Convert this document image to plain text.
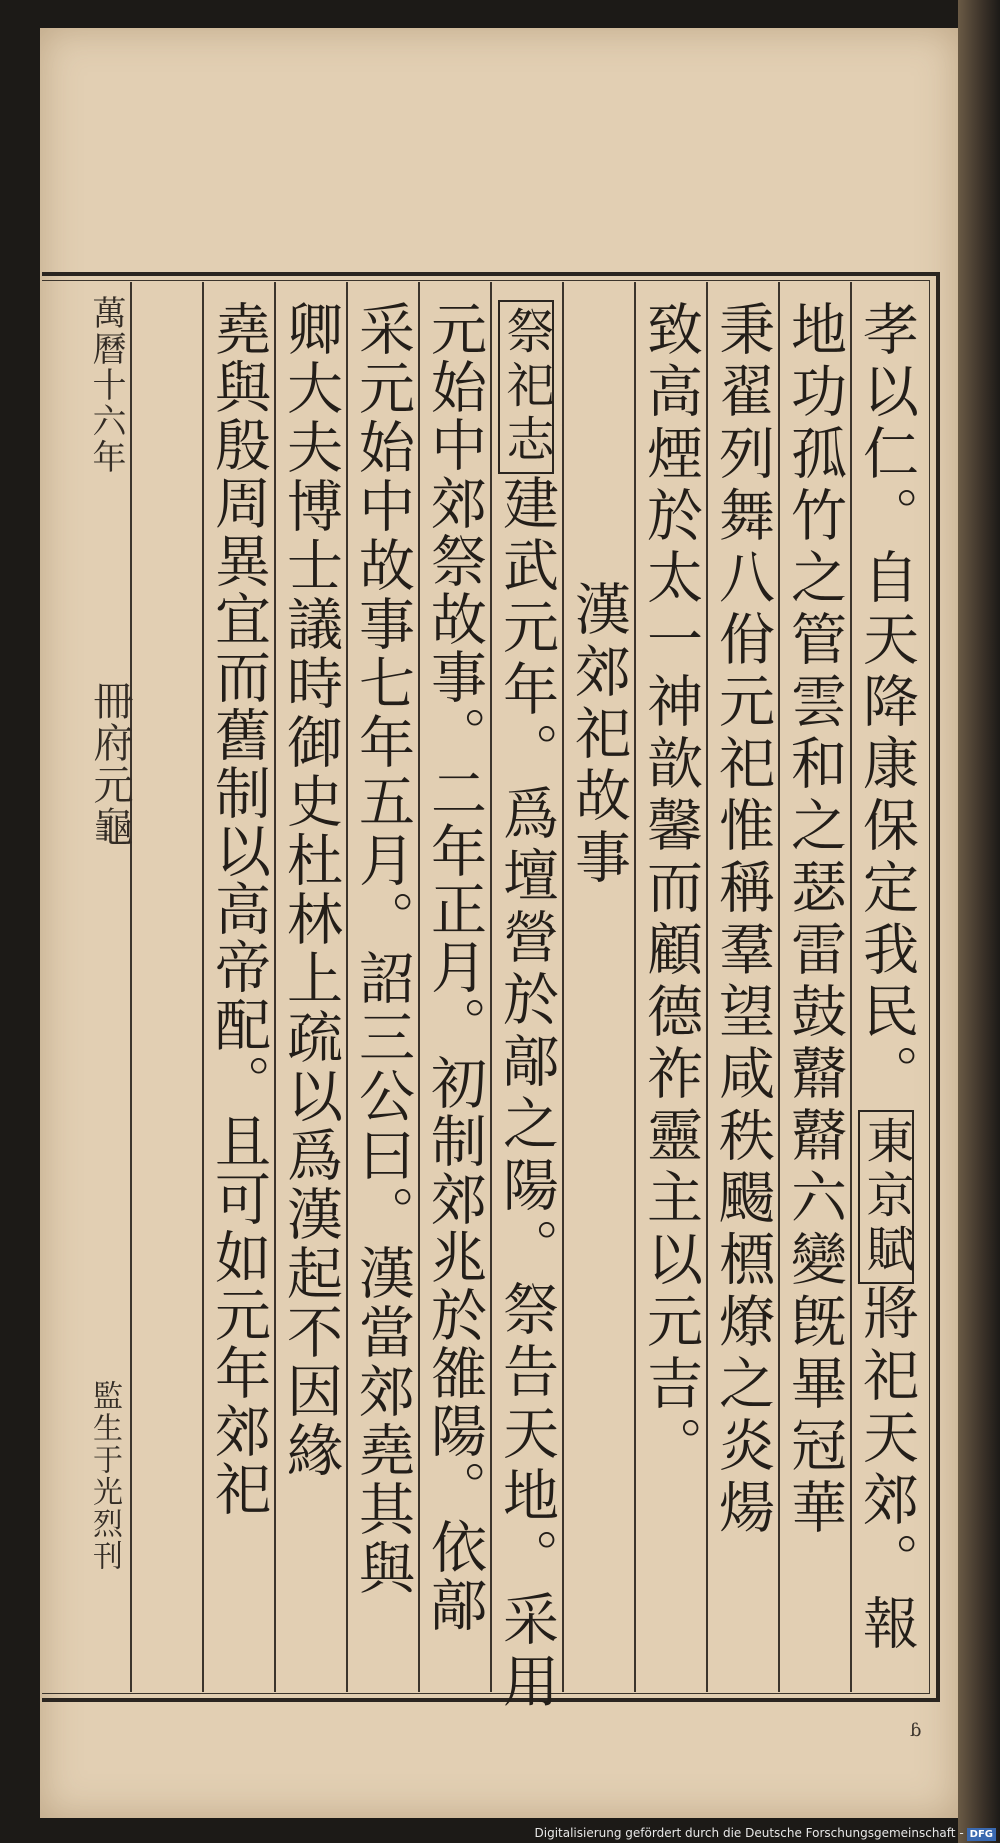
孝以仁。自天降康保定我民。
東京賦將祀天郊。報
地功孤竹之管雲和之瑟雷鼓鼘鼘六變旣畢冠華
秉翟列舞八佾元祀惟稱羣望咸秩颺槱燎之炎煬
致高煙於太一神歆馨而顧德祚靈主以元吉。
漢郊祀故事
祭祀志建武元年。爲壇營於鄗之陽。祭告天地。采用
元始中郊祭故事。二年正月。初制郊兆於雒陽。依鄗
采元始中故事七年五月。詔三公曰。漢當郊堯其與
卿大夫博士議時御史杜林上疏以爲漢起不因緣
堯與殷周異宜而舊制以高帝配。且可如元年郊祀
萬曆十六年
冊府元龜
監生于光烈刊
ɓ
Digitalisierung gefördert durch die Deutsche Forschungsgemeinschaft - DFG
